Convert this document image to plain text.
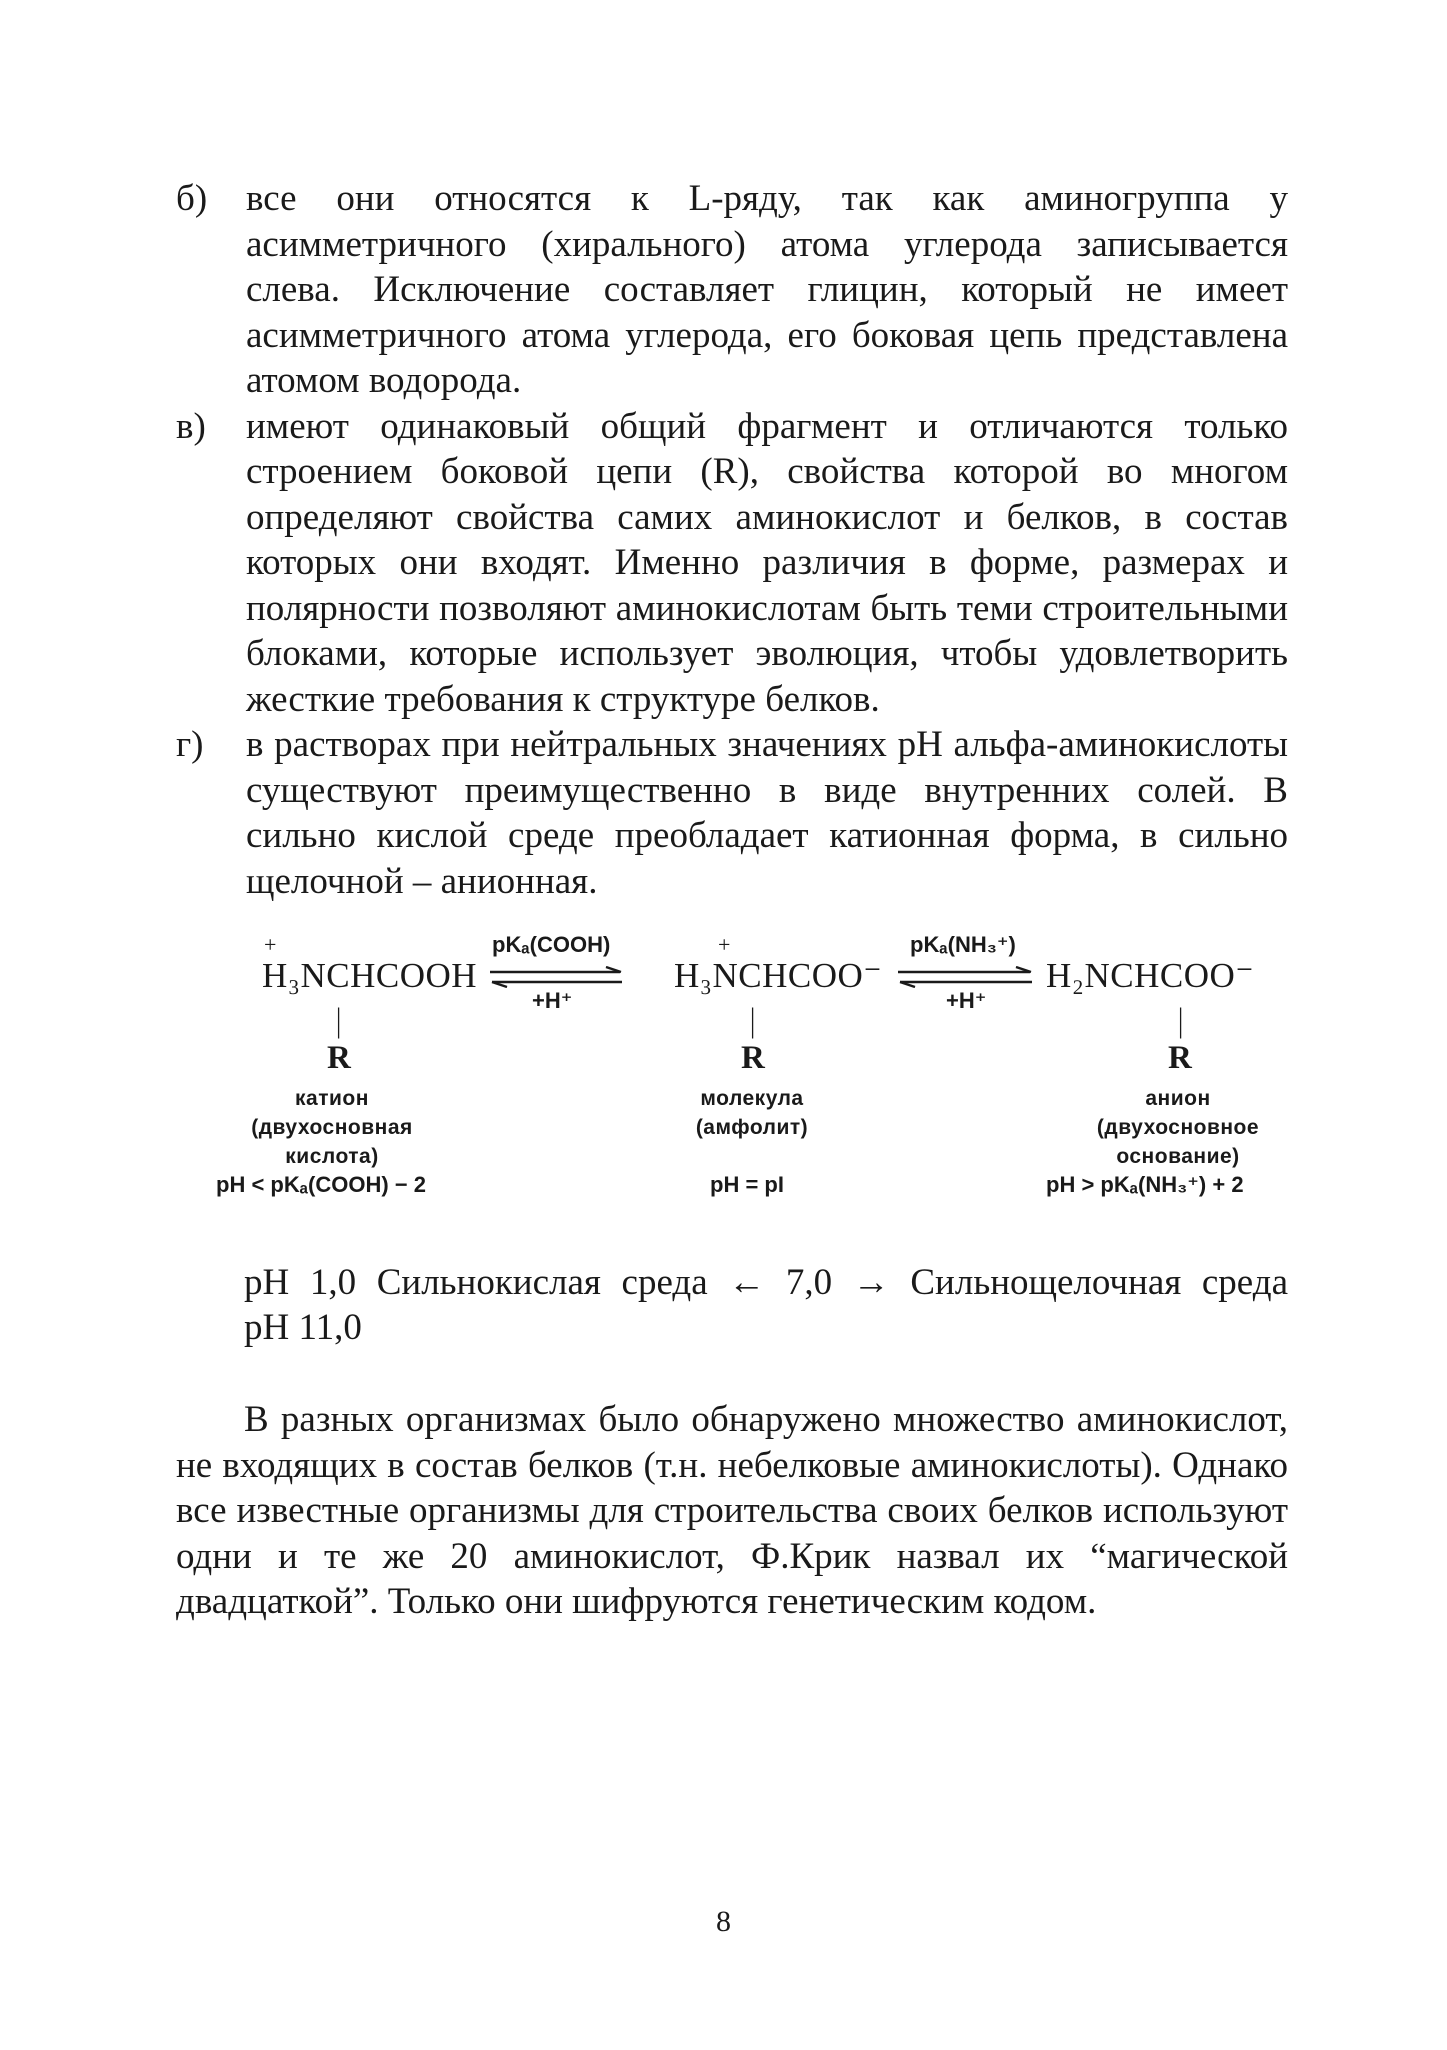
б)	все они относятся к L-ряду, так как аминогруппа у асимметричного (хирального) атома углерода записывается слева. Исключение составляет глицин, который не имеет асимметричного атома углерода, его боковая цепь представлена атомом водорода.
в)	имеют одинаковый общий фрагмент и отличаются только строением боковой цепи (R), свойства которой во многом определяют свойства самих аминокислот и белков, в состав которых они входят. Именно различия в форме, размерах и полярности позволяют аминокислотам быть теми строительными блоками, которые использует эволюция, чтобы удовлетворить жесткие требования к структуре белков.
г)	в растворах при нейтральных значениях pH альфа-аминокислоты существуют преимущественно в виде внутренних солей. В сильно кислой среде преобладает катионная форма, в сильно щелочной – анионная.
+
H₃NCHCOOH
|
R
катион
(двухосновная
кислота)
pH < pKₐ(COOH) − 2
pKₐ(COOH)
+H⁺
+
H₃NCHCOO⁻
|
R
молекула
(амфолит)
pH = pI
pKₐ(NH₃⁺)
+H⁺
H₂NCHCOO⁻
|
R
анион
(двухосновное
основание)
pH > pKₐ(NH₃⁺) + 2
pH 1,0 Сильнокислая среда ← 7,0 → Сильнощелочная среда
pH 11,0
В разных организмах было обнаружено множество аминокислот, не входящих в состав белков (т.н. небелковые аминокислоты). Однако все известные организмы для строительства своих белков используют одни и те же 20 аминокислот, Ф.Крик назвал их “магической двадцаткой”. Только они шифруются генетическим кодом.
8
